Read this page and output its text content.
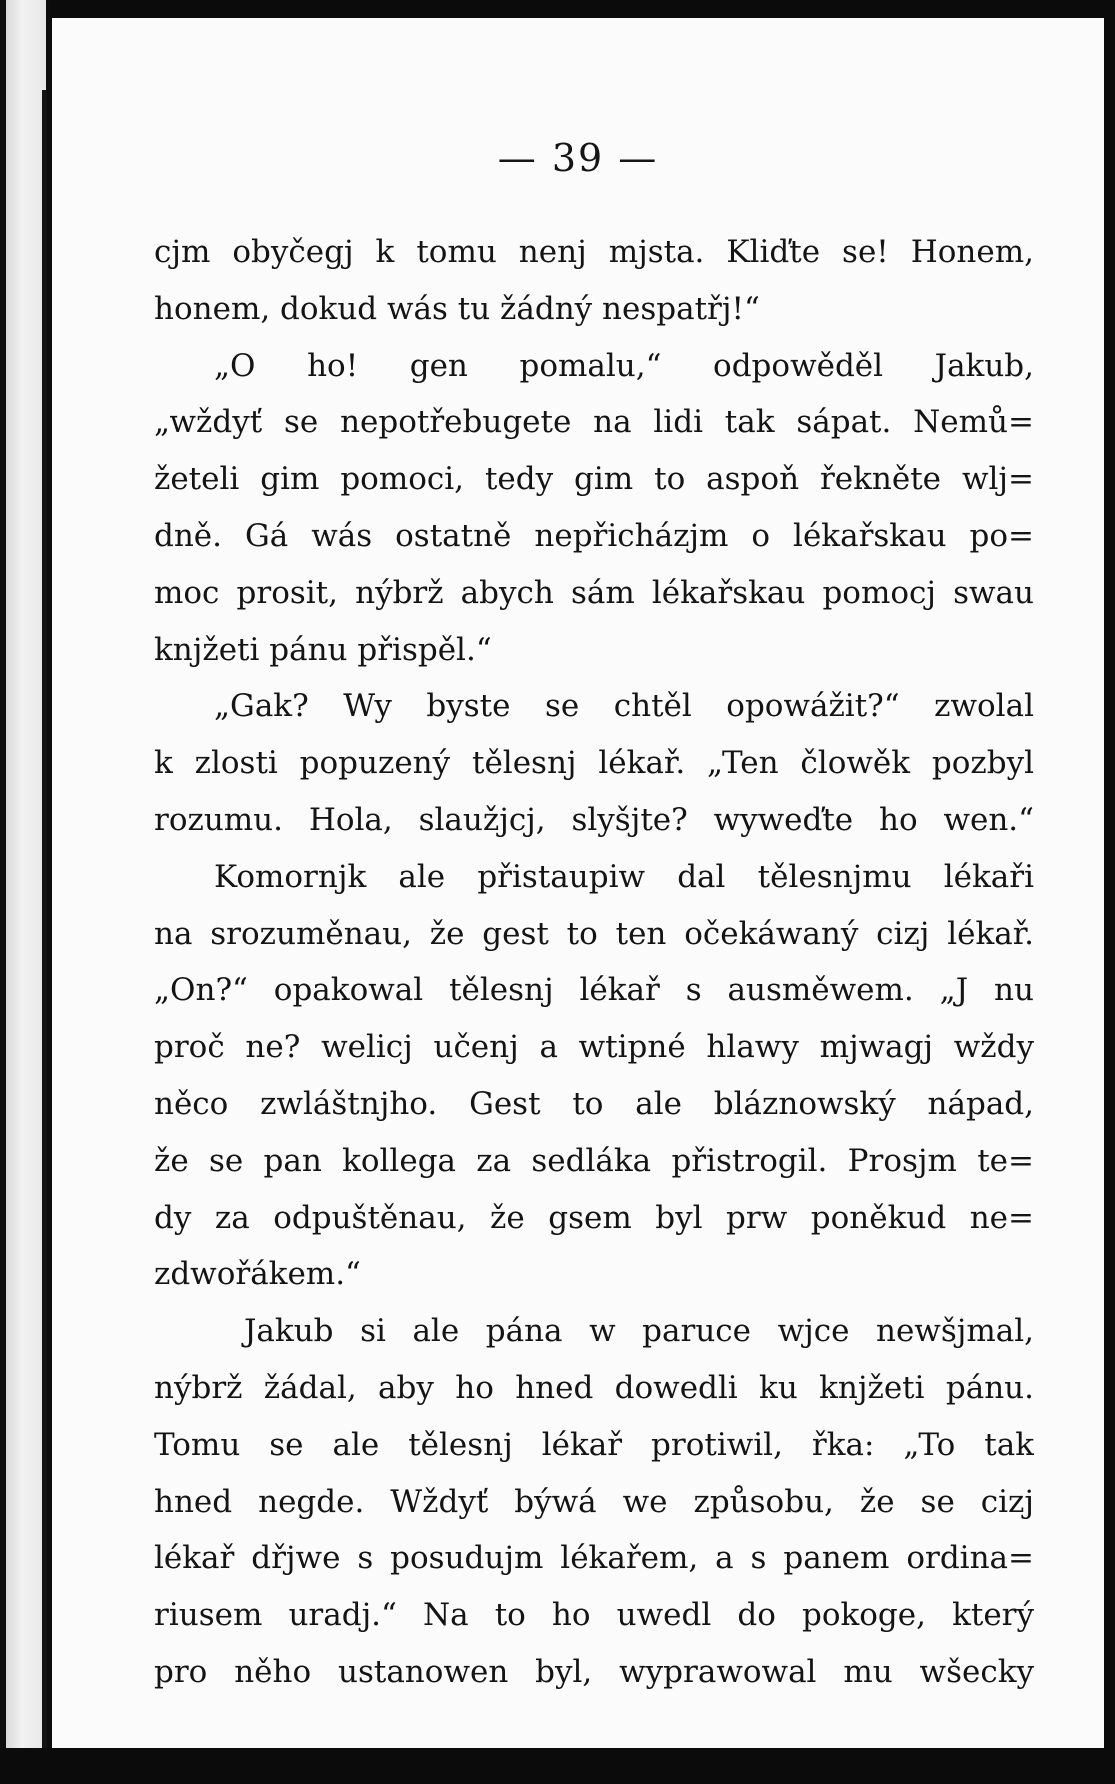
— 39 —
cjm obyčegj k tomu nenj mjsta. Kliďte se! Honem,
honem, dokud wás tu žádný nespatřj!“
„O ho! gen pomalu,“ odpowěděl Jakub,
„wždyť se nepotřebugete na lidi tak sápat. Nemů=
žeteli gim pomoci, tedy gim to aspoň řekněte wlj=
dně. Gá wás ostatně nepřicházjm o lékařskau po=
moc prosit, nýbrž abych sám lékařskau pomocj swau
knjžeti pánu přispěl.“
„Gak? Wy byste se chtěl opowážit?“ zwolal
k zlosti popuzený tělesnj lékař. „Ten člowěk pozbyl
rozumu. Hola, slaužjcj, slyšjte? wyweďte ho wen.“
Komornjk ale přistaupiw dal tělesnjmu lékaři
na srozuměnau, že gest to ten očekáwaný cizj lékař.
„On?“ opakowal tělesnj lékař s ausměwem. „J nu
proč ne? welicj učenj a wtipné hlawy mjwagj wždy
něco zwláštnjho. Gest to ale bláznowský nápad,
že se pan kollega za sedláka přistrogil. Prosjm te=
dy za odpuštěnau, že gsem byl prw poněkud ne=
zdwořákem.“
Jakub si ale pána w parucе wjce newšjmal,
nýbrž žádal, aby ho hned dowedli ku knjžeti pánu.
Tomu se ale tělesnj lékař protiwil, řka: „To tak
hned negde. Wždyť býwá we způsobu, že se cizj
lékař dřjwe s posudujm lékařem, a s panem ordina=
riusem uradj.“ Na to ho uwedl do pokoge, který
pro něho ustanowen byl, wyprawowal mu wšecky
